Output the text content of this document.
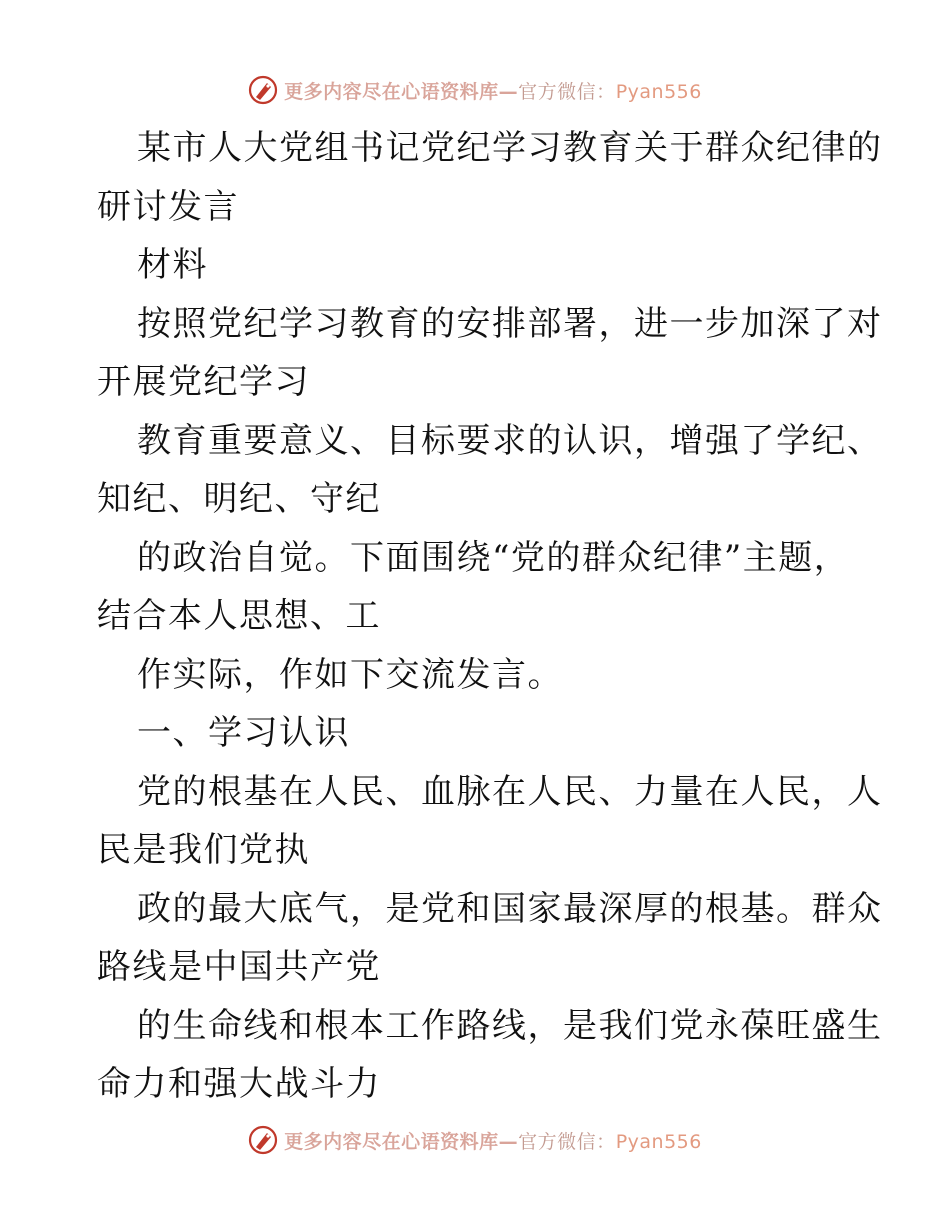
更多内容尽在心语资料库—官方微信：Pyan556
某市人大党组书记党纪学习教育关于群众纪律的
研讨发言
材料
按照党纪学习教育的安排部署，进一步加深了对
开展党纪学习
教育重要意义、目标要求的认识，增强了学纪、
知纪、明纪、守纪
的政治自觉。下面围绕“党的群众纪律”主题，
结合本人思想、工
作实际，作如下交流发言。
一、学习认识
党的根基在人民、血脉在人民、力量在人民，人
民是我们党执
政的最大底气，是党和国家最深厚的根基。群众
路线是中国共产党
的生命线和根本工作路线，是我们党永葆旺盛生
命力和强大战斗力
更多内容尽在心语资料库—官方微信：Pyan556
